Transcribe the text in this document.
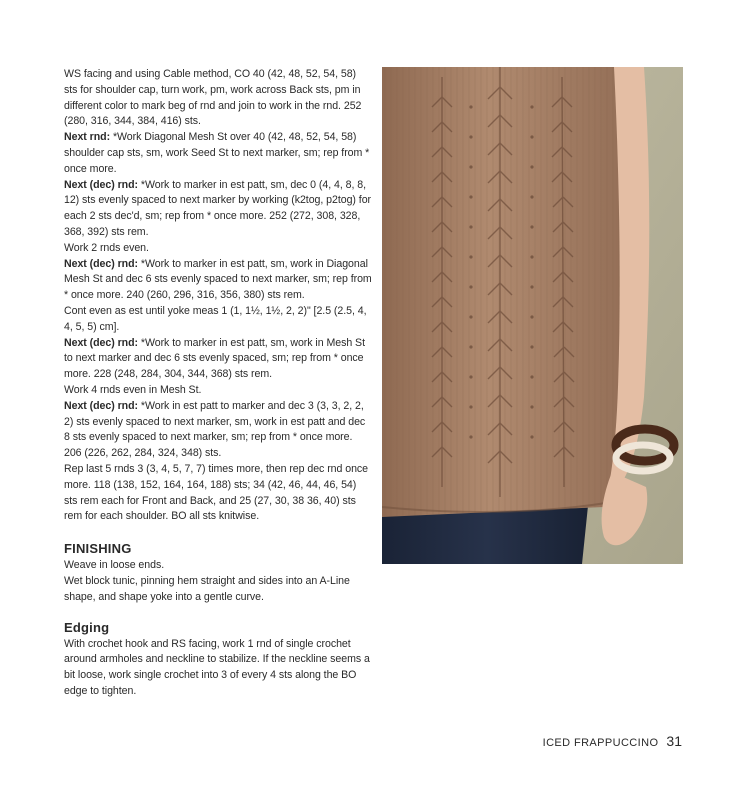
WS facing and using Cable method, CO 40 (42, 48, 52, 54, 58) sts for shoulder cap, turn work, pm, work across Back sts, pm in different color to mark beg of rnd and join to work in the rnd. 252 (280, 316, 344, 384, 416) sts.

Next rnd: *Work Diagonal Mesh St over 40 (42, 48, 52, 54, 58) shoulder cap sts, sm, work Seed St to next marker, sm; rep from * once more.

Next (dec) rnd: *Work to marker in est patt, sm, dec 0 (4, 4, 8, 8, 12) sts evenly spaced to next marker by working (k2tog, p2tog) for each 2 sts dec'd, sm; rep from * once more. 252 (272, 308, 328, 368, 392) sts rem.

Work 2 rnds even.

Next (dec) rnd: *Work to marker in est patt, sm, work in Diagonal Mesh St and dec 6 sts evenly spaced to next marker, sm; rep from * once more. 240 (260, 296, 316, 356, 380) sts rem.

Cont even as est until yoke meas 1 (1, 1½, 1½, 2, 2)" [2.5 (2.5, 4, 4, 5, 5) cm].

Next (dec) rnd: *Work to marker in est patt, sm, work in Mesh St to next marker and dec 6 sts evenly spaced, sm; rep from * once more. 228 (248, 284, 304, 344, 368) sts rem.

Work 4 rnds even in Mesh St.

Next (dec) rnd: *Work in est patt to marker and dec 3 (3, 3, 2, 2, 2) sts evenly spaced to next marker, sm, work in est patt and dec 8 sts evenly spaced to next marker, sm; rep from * once more. 206 (226, 262, 284, 324, 348) sts.

Rep last 5 rnds 3 (3, 4, 5, 7, 7) times more, then rep dec rnd once more. 118 (138, 152, 164, 164, 188) sts; 34 (42, 46, 44, 46, 54) sts rem each for Front and Back, and 25 (27, 30, 38 36, 40) sts rem for each shoulder. BO all sts knitwise.

FINISHING

Weave in loose ends.

Wet block tunic, pinning hem straight and sides into an A-Line shape, and shape yoke into a gentle curve.

Edging

With crochet hook and RS facing, work 1 rnd of single crochet around armholes and neckline to stabilize. If the neckline seems a bit loose, work single crochet into 3 of every 4 sts along the BO edge to tighten.

ICED FRAPPUCCINO 31
